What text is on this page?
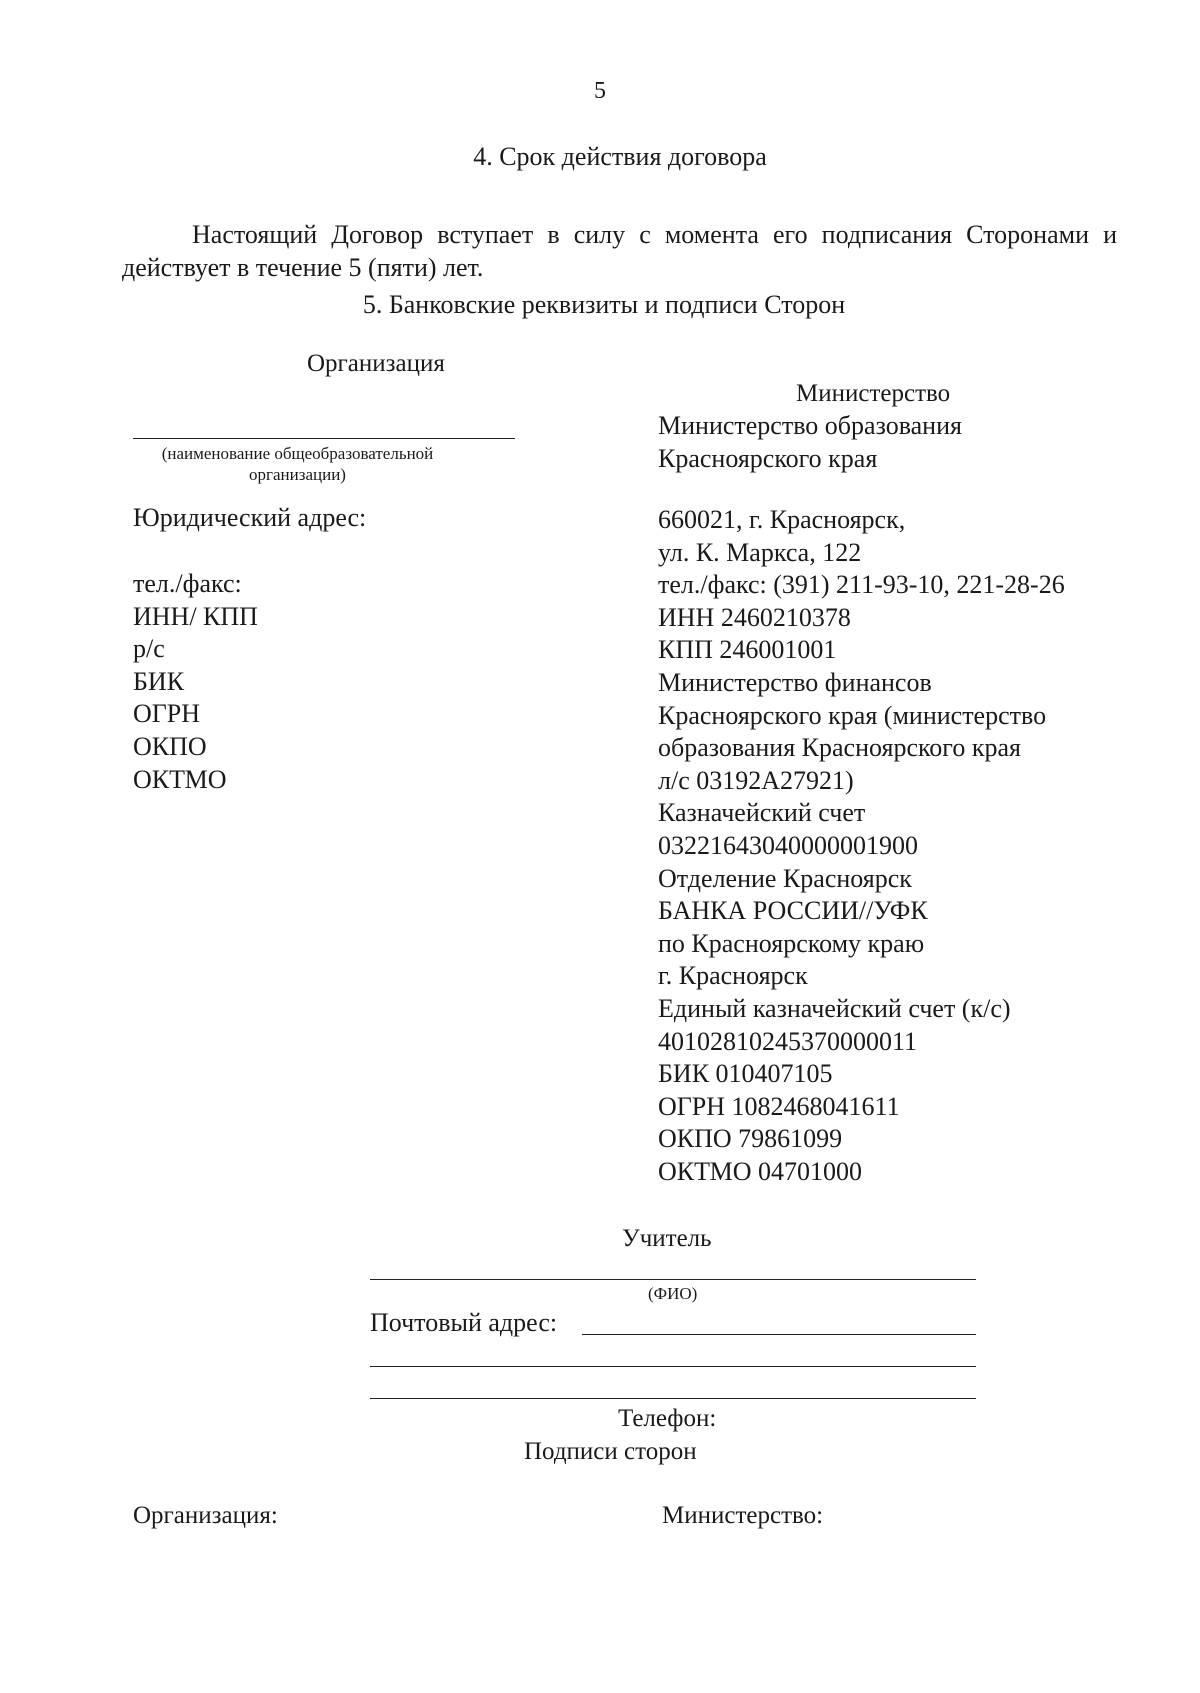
5
4. Срок действия договора
Настоящий Договор вступает в силу с момента его подписания Сторонами и действует в течение 5 (пяти) лет.
5. Банковские реквизиты и подписи Сторон
Организация
(наименование общеобразовательной организации)
Юридический адрес:
тел./факс:
ИНН/ КПП
р/с
БИК
ОГРН
ОКПО
ОКТМО
Министерство
Министерство образования
Красноярского края
660021, г. Красноярск,
ул. К. Маркса, 122
тел./факс: (391) 211-93-10, 221-28-26
ИНН 2460210378
КПП 246001001
Министерство финансов
Красноярского края (министерство
образования Красноярского края
л/с 03192А27921)
Казначейский счет
03221643040000001900
Отделение Красноярск
БАНКА РОССИИ//УФК
по Красноярскому краю
г. Красноярск
Единый казначейский счет (к/с)
40102810245370000011
БИК 010407105
ОГРН 1082468041611
ОКПО 79861099
ОКТМО 04701000
Учитель
(ФИО)
Почтовый адрес:
Телефон:
Подписи сторон
Организация:	Министерство:
